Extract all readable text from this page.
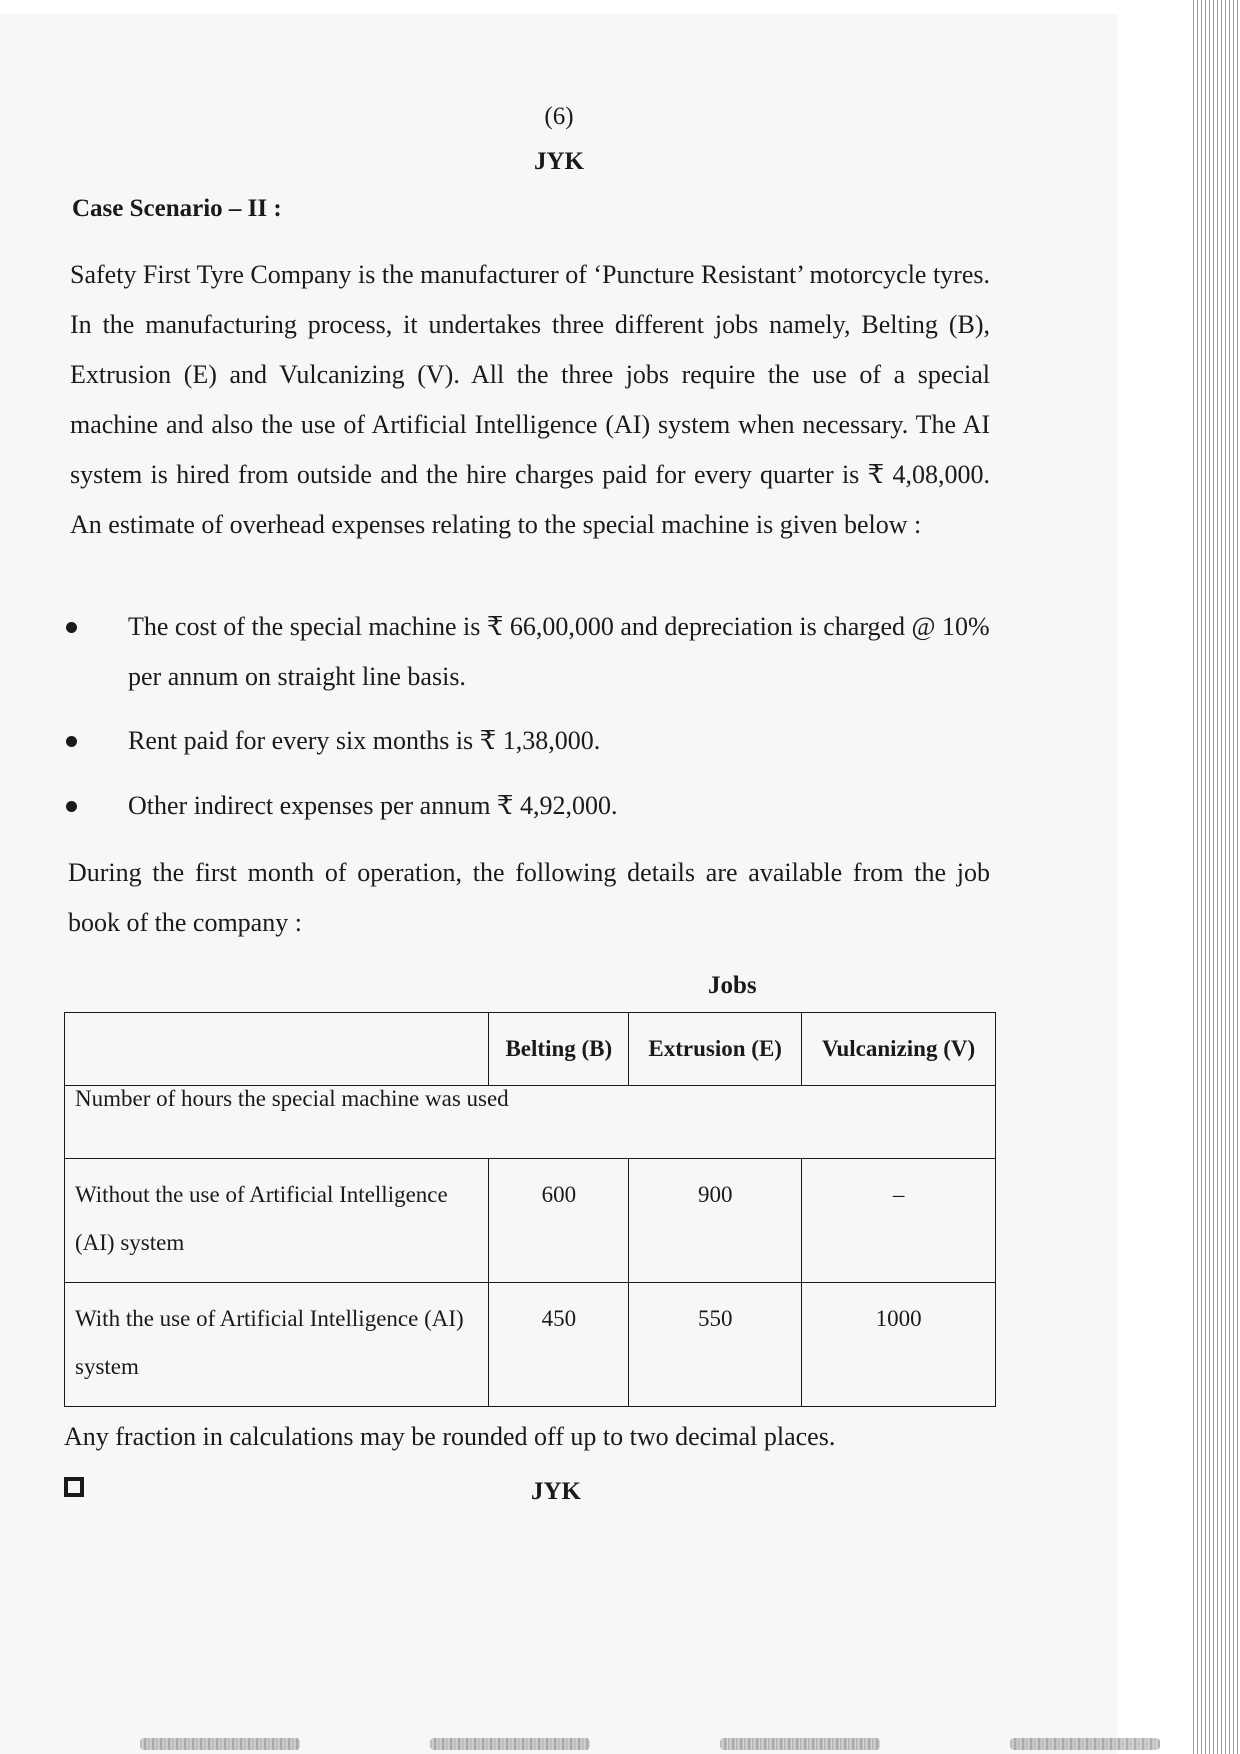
(6)
JYK
Case Scenario – II :

Safety First Tyre Company is the manufacturer of ‘Puncture Resistant’ motorcycle tyres. In the manufacturing process, it undertakes three different jobs namely, Belting (B), Extrusion (E) and Vulcanizing (V). All the three jobs require the use of a special machine and also the use of Artificial Intelligence (AI) system when necessary. The AI system is hired from outside and the hire charges paid for every quarter is ₹ 4,08,000. An estimate of overhead expenses relating to the special machine is given below :

The cost of the special machine is ₹ 66,00,000 and depreciation is charged @ 10% per annum on straight line basis.
Rent paid for every six months is ₹ 1,38,000.
Other indirect expenses per annum ₹ 4,92,000.

During the first month of operation, the following details are available from the job book of the company :

Jobs
	Belting (B)	Extrusion (E)	Vulcanizing (V)
Number of hours the special machine was used			
Without the use of Artificial Intelligence (AI) system	600	900	–
With the use of Artificial Intelligence (AI) system	450	550	1000
Any fraction in calculations may be rounded off up to two decimal places.
JYK
